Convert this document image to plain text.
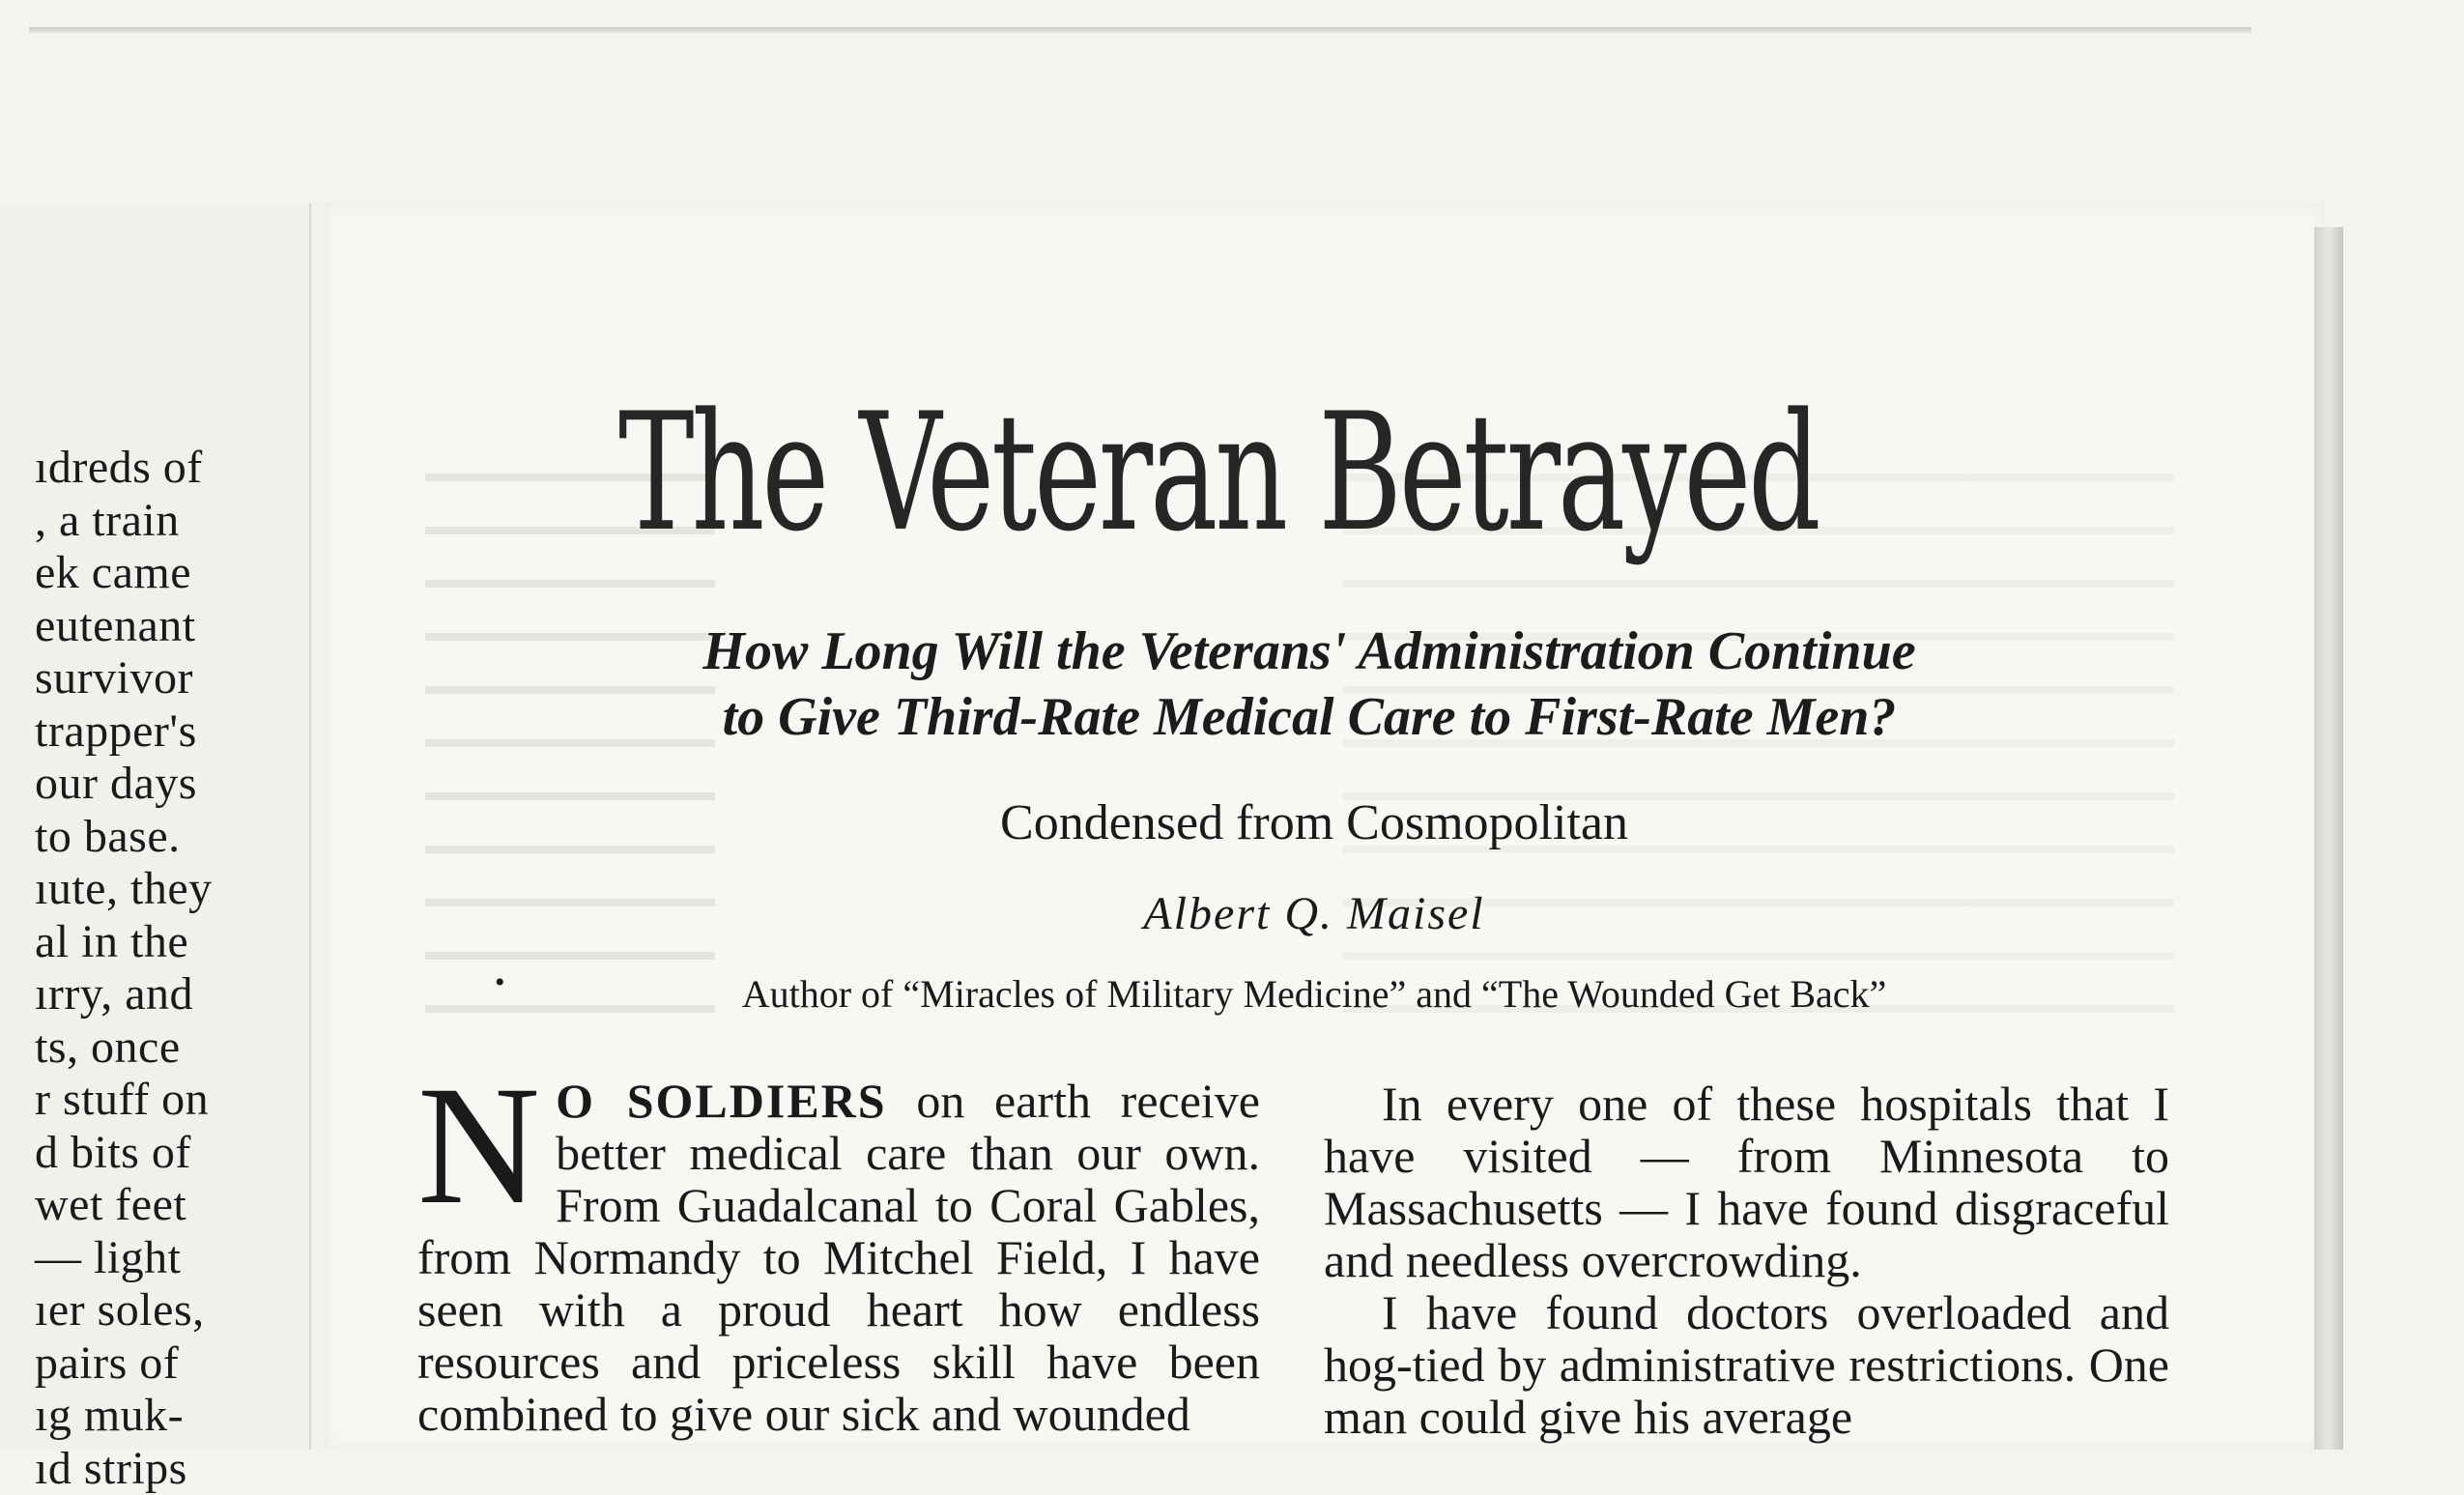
ıdreds of
, a train
ek came
eutenant
survivor
trapper's
our days
to base.
ıute, they
al in the
ırry, and
ts, once
r stuff on
d bits of
wet feet
— light
ıer soles,
pairs of
ıg muk-
ıd strips
The Veteran Betrayed
How Long Will the Veterans' Administration Continue
to Give Third-Rate Medical Care to First-Rate Men?
Condensed from Cosmopolitan
Albert Q. Maisel
•	Author of “Miracles of Military Medicine” and “The Wounded Get Back”
N O SOLDIERS on earth receive better medical care than our own. From Guadalcanal to Coral Gables, from Normandy to Mitchel Field, I have seen with a proud heart how endless resources and priceless skill have been combined to give our sick and wounded

In every one of these hospitals that I have visited — from Minnesota to Massachusetts — I have found disgraceful and needless overcrowding.

I have found doctors overloaded and hog-tied by administrative restrictions. One man could give his average
